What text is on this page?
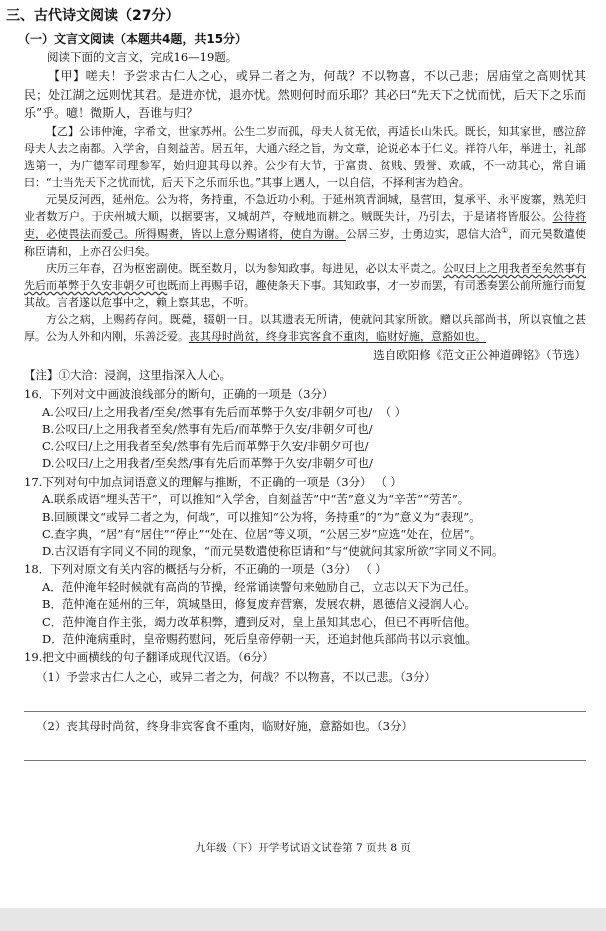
三、古代诗文阅读（27分）
（一）文言文阅读（本题共4题，共15分）

阅读下面的文言文，完成16—19题。

【甲】嗟夫！予尝求古仁人之心，或异二者之为，何哉？不以物喜，不以己悲；居庙堂之高则忧其民；处江湖之远则忧其君。是进亦忧，退亦忧。然则何时而乐耶？其必曰“先天下之忧而忧，后天下之乐而乐”乎。噫！微斯人，吾谁与归？

【乙】公讳仲淹，字希文，世家苏州。公生二岁而孤，母夫人贫无依，再适长山朱氏。既长，知其家世，感泣辞母夫人去之南都。入学舍，自刻益苦。居五年，大通六经之旨，为文章，论说必本于仁义。祥符八年，举进士，礼部选第一，为广德军司理参军，始归迎其母以养。公少有大节，于富贵、贫贱、毁誉、欢戚，不一动其心，常自诵曰：“士当先天下之忧而忧，后天下之乐而乐也。”其事上遇人，一以自信，不择利害为趋舍。

元昊反河西，延州危。公为将，务持重，不急近功小利。于延州筑青涧城，垦营田，复承平、永平废寨，熟羌归业者数万户。于庆州城大顺，以据要害，又城胡芦，夺贼地而耕之。贼既失计，乃引去，于是诸将皆服公。公待将吏，必使畏法而爱己。所得赐赉，皆以上意分赐诸将，使自为谢。公居三岁，士勇边实，恩信大洽①，而元昊数遣使称臣请和，上亦召公归矣。

庆历三年春，召为枢密副使。既至数月，以为参知政事。每进见，必以太平责之。公叹曰上之用我者至矣然事有先后而革弊于久安非朝夕可也既而上再赐手诏，趣使条天下事。其知政事，才一岁而罢，有司悉奏罢公前所施行而复其故。言者遂以危事中之，赖上察其忠，不听。

方公之病，上赐药存问。既薨，辍朝一日。以其遗表无所请，使就问其家所欲。赠以兵部尚书，所以哀恤之甚厚。公为人外和内刚，乐善泛爱。丧其母时尚贫，终身非宾客食不重肉，临财好施，意豁如也。

选自欧阳修《范文正公神道碑铭》（节选）
【注】①大洽：浸润，这里指深入人心。
16．下列对文中画波浪线部分的断句，正确的一项是（3分）
A.公叹曰/上之用我者/至矣/然事有先后而革弊于久安/非朝夕可也/ （ ）
B.公叹曰/上之用我者至矣/然事有先后/而革弊于久安/非朝夕可也/
C.公叹曰/上之用我者至矣/然事有先后而革弊于久安/非朝夕可也/
D.公叹曰/上之用我者/至矣然/事有先后而革弊于久安/非朝夕可也/
17.下列对句中加点词语意义的理解与推断，不正确的一项是（3分） （ ）
A.联系成语“埋头苦干”，可以推知“入学舍，自刻益苦”中“苦”意义为“辛苦”“劳苦”。
B.回顾课文“或异二者之为，何哉”，可以推知“公为将，务持重”的“为”意义为“表现”。
C.查字典，“居”有“居住”“停止”“处在、位居”等义项，“公居三岁”应选“处在，位居”。
D.古汉语有字同义不同的现象，“而元昊数遣使称臣请和”与“使就问其家所欲”字同义不同。
18．下列对原文有关内容的概括与分析，不正确的一项是（3分） （ ）
A．范仲淹年轻时候就有高尚的节操，经常诵读警句来勉励自己，立志以天下为己任。
B．范仲淹在延州的三年，筑城垦田，修复废弃营寨，发展农耕，恩德信义浸润人心。
C．范仲淹自作主张，竭力改革积弊，遭到反对，皇上虽知其忠心，但已不再听信他。
D．范仲淹病重时，皇帝赐药慰问，死后皇帝停朝一天，还追封他兵部尚书以示哀恤。
19.把文中画横线的句子翻译成现代汉语。（6分）
（1）予尝求古仁人之心，或异二者之为，何哉？不以物喜，不以己悲。（3分）
（2）丧其母时尚贫，终身非宾客食不重肉，临财好施，意豁如也。（3分）
九年级（下）开学考试语文试卷第 7 页共 8 页
